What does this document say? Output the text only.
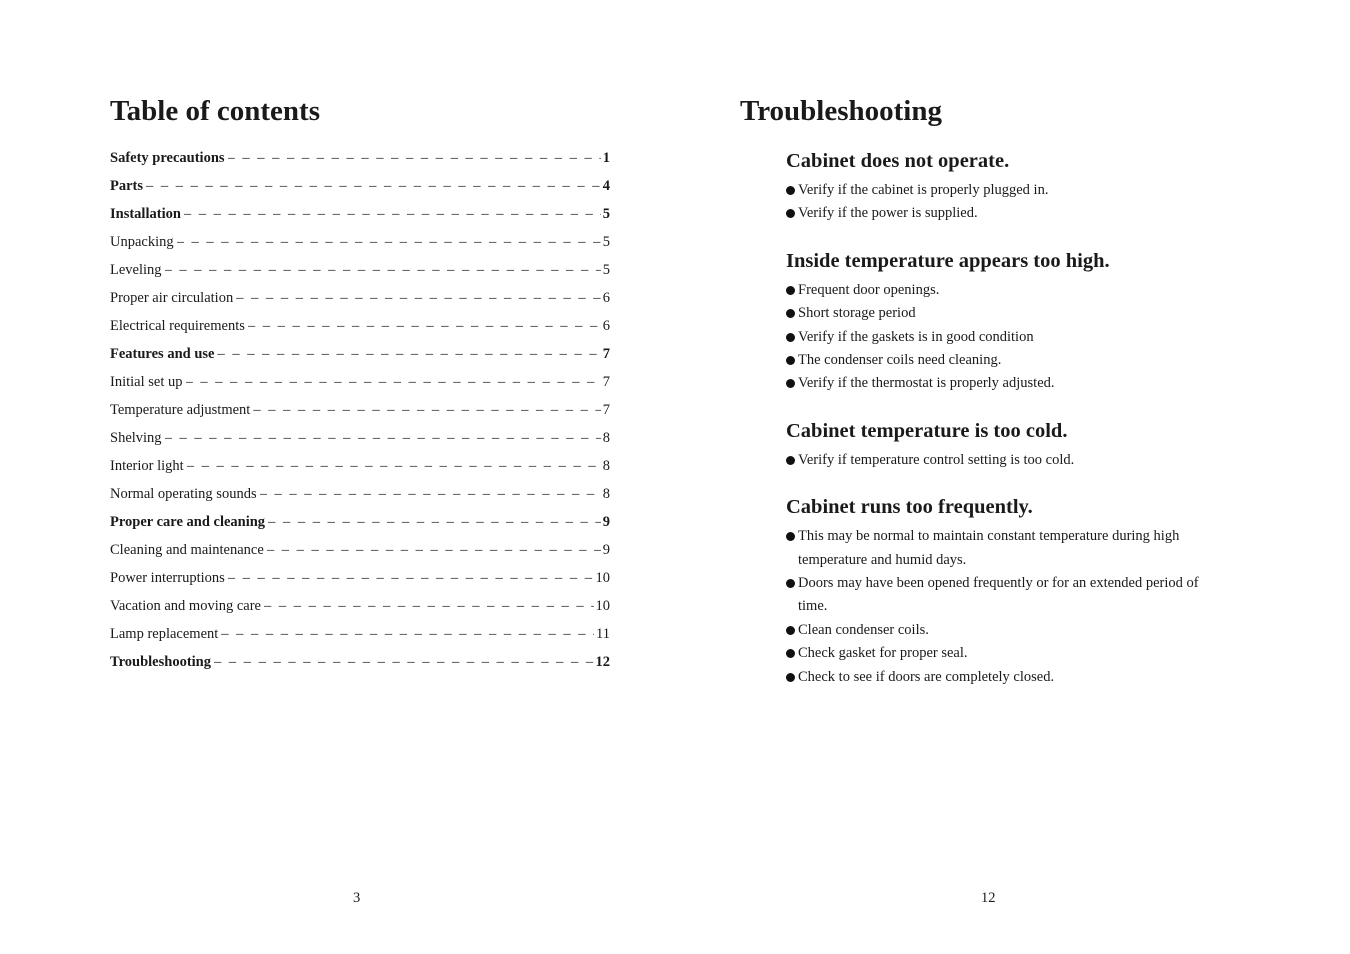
Table of contents
Safety precautions – – –	1
Parts – – –	4
Installation – – –	5
Unpacking – – –	5
Leveling – – –	5
Proper air circulation – – –	6
Electrical requirements – – –	6
Features and use – – –	7
Initial set up – – –	7
Temperature adjustment – – –	7
Shelving – – –	8
Interior light – – –	8
Normal operating sounds – – –	8
Proper care and cleaning – – –	9
Cleaning and maintenance – – –	9
Power interruptions – – –	10
Vacation and moving care – – –	10
Lamp replacement – – –	11
Troubleshooting – – –	12
Troubleshooting
Cabinet does not operate.
Verify if the cabinet is properly plugged in.
Verify if the power is supplied.
Inside temperature appears too high.
Frequent door openings.
Short storage period
Verify if the gaskets is in good condition
The condenser coils need cleaning.
Verify if the thermostat is properly adjusted.
Cabinet temperature is too cold.
Verify if temperature control setting is too cold.
Cabinet runs too frequently.
This may be normal to maintain constant temperature during high temperature and humid days.
Doors may have been opened frequently or for an extended period of time.
Clean condenser coils.
Check gasket for proper seal.
Check to see if doors are completely closed.
3	12
